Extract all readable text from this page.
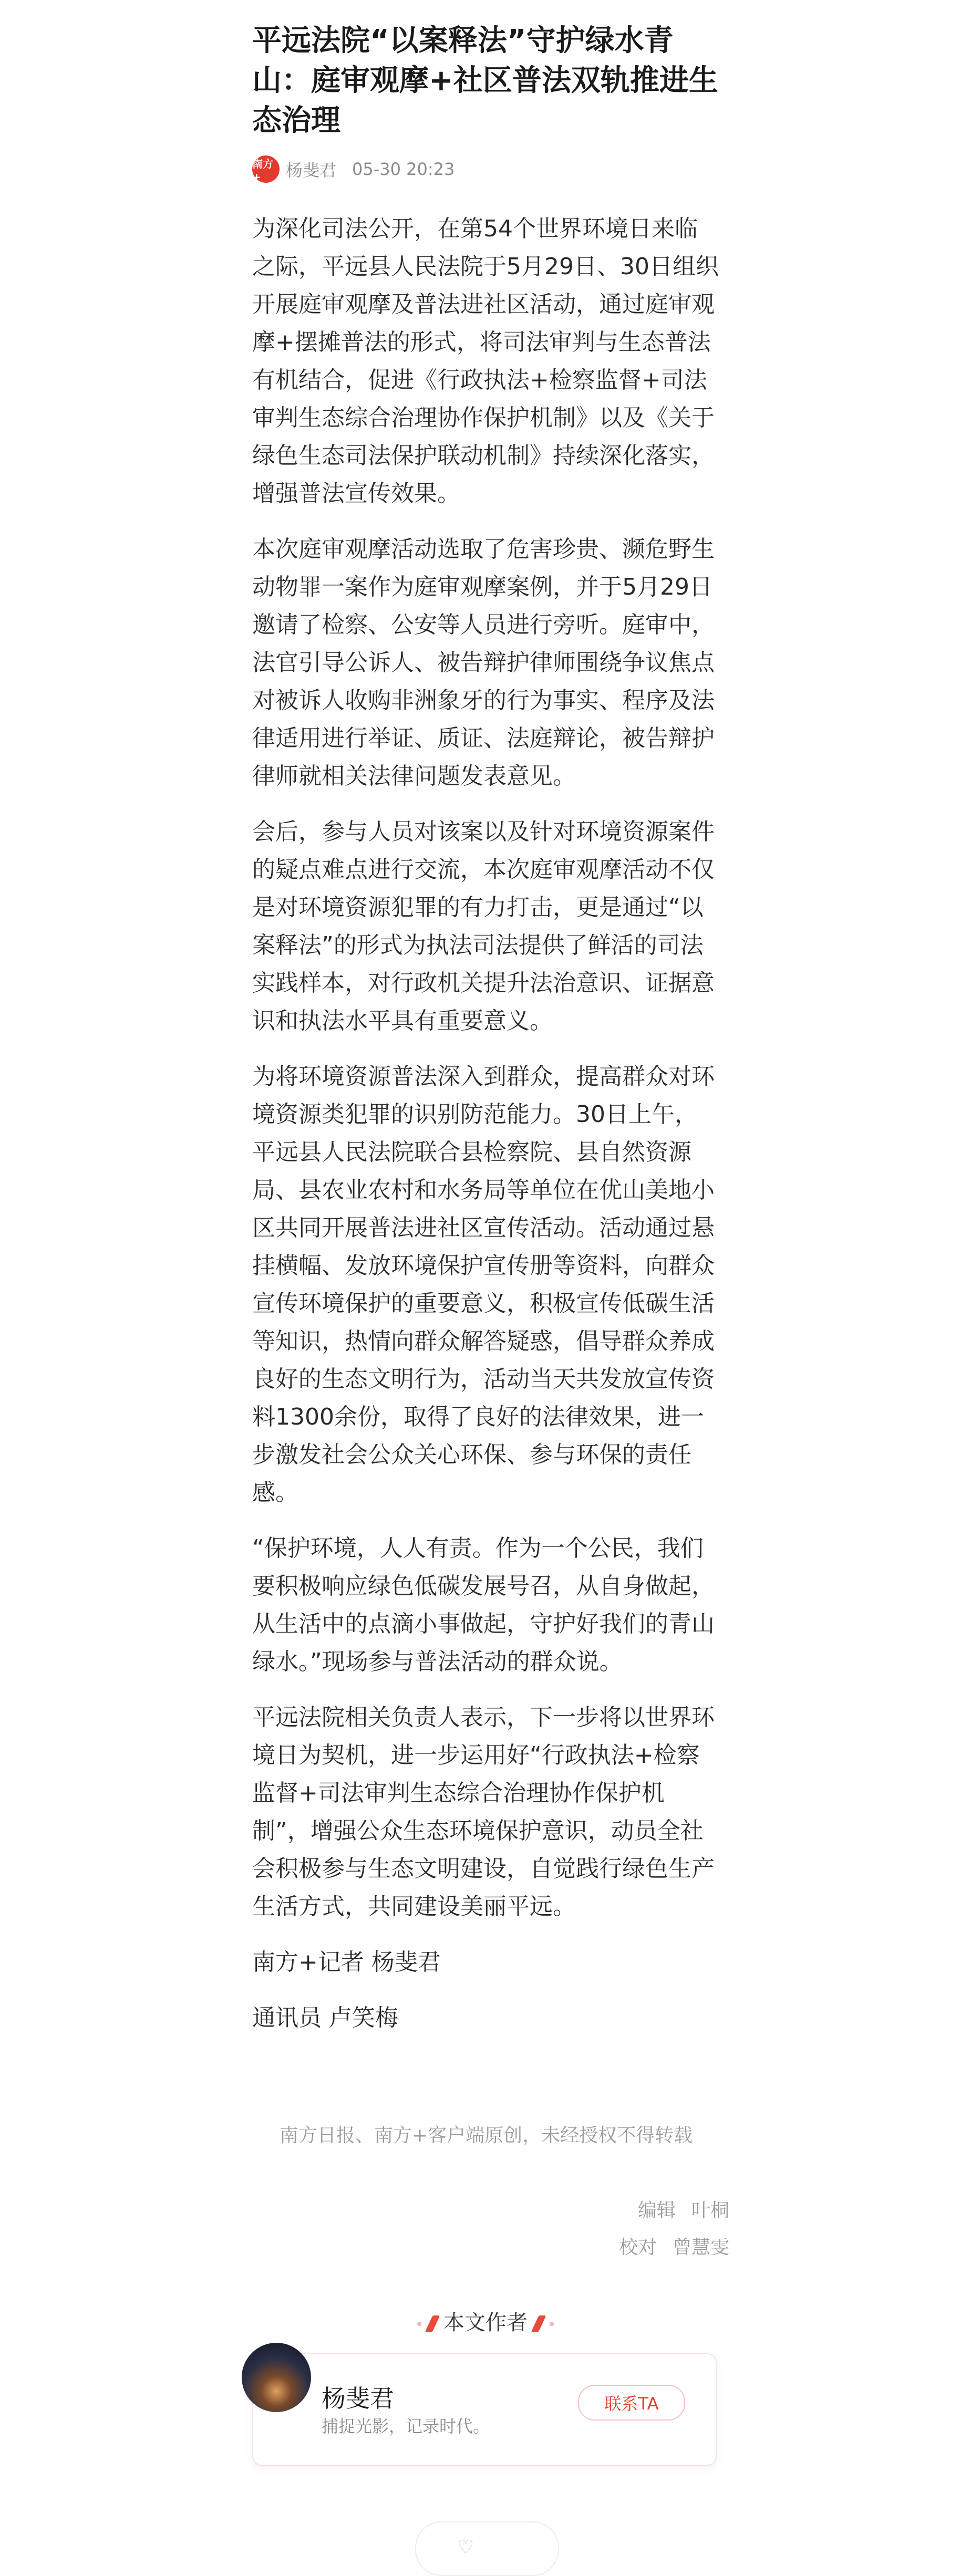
平远法院“以案释法”守护绿水青山：庭审观摩+社区普法双轨推进生态治理
南方+	杨斐君 05-30 20:23

为深化司法公开，在第54个世界环境日来临之际，平远县人民法院于5月29日、30日组织开展庭审观摩及普法进社区活动，通过庭审观摩+摆摊普法的形式，将司法审判与生态普法有机结合，促进《行政执法+检察监督+司法审判生态综合治理协作保护机制》以及《关于绿色生态司法保护联动机制》持续深化落实，增强普法宣传效果。

本次庭审观摩活动选取了危害珍贵、濒危野生动物罪一案作为庭审观摩案例，并于5月29日邀请了检察、公安等人员进行旁听。庭审中，法官引导公诉人、被告辩护律师围绕争议焦点对被诉人收购非洲象牙的行为事实、程序及法律适用进行举证、质证、法庭辩论，被告辩护律师就相关法律问题发表意见。

会后，参与人员对该案以及针对环境资源案件的疑点难点进行交流，本次庭审观摩活动不仅是对环境资源犯罪的有力打击，更是通过“以案释法”的形式为执法司法提供了鲜活的司法实践样本，对行政机关提升法治意识、证据意识和执法水平具有重要意义。

为将环境资源普法深入到群众，提高群众对环境资源类犯罪的识别防范能力。30日上午，平远县人民法院联合县检察院、县自然资源局、县农业农村和水务局等单位在优山美地小区共同开展普法进社区宣传活动。活动通过悬挂横幅、发放环境保护宣传册等资料，向群众宣传环境保护的重要意义，积极宣传低碳生活等知识，热情向群众解答疑惑，倡导群众养成良好的生态文明行为，活动当天共发放宣传资料1300余份，取得了良好的法律效果，进一步激发社会公众关心环保、参与环保的责任感。

“保护环境，人人有责。作为一个公民，我们要积极响应绿色低碳发展号召，从自身做起，从生活中的点滴小事做起，守护好我们的青山绿水。”现场参与普法活动的群众说。

平远法院相关负责人表示，下一步将以世界环境日为契机，进一步运用好“行政执法+检察监督+司法审判生态综合治理协作保护机制”，增强公众生态环境保护意识，动员全社会积极参与生态文明建设，自觉践行绿色生产生活方式，共同建设美丽平远。

南方+记者 杨斐君

通讯员 卢笑梅

南方日报、南方+客户端原创，未经授权不得转载
编辑 叶桐
校对 曾慧雯
本文作者
杨斐君
捕捉光影，记录时代。
联系TA
♡
